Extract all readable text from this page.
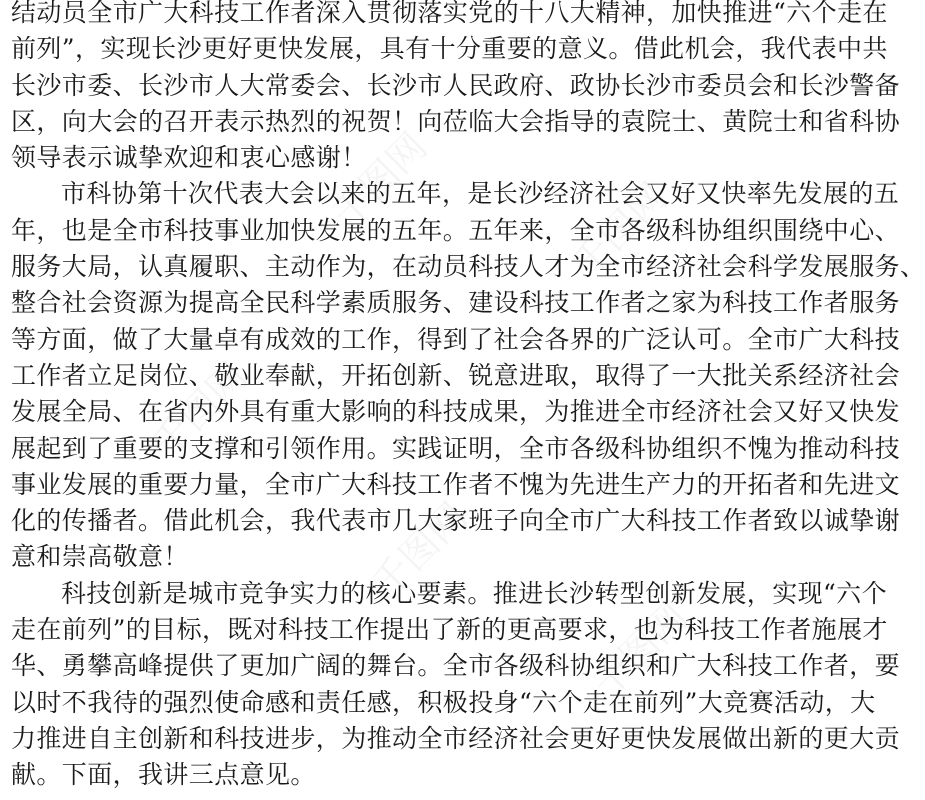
千图网	千图网
千图网
千图网
千图网
结动员全市广大科技工作者深入贯彻落实党的十八大精神，加快推进“六个走在
前列”，实现长沙更好更快发展，具有十分重要的意义。借此机会，我代表中共
长沙市委、长沙市人大常委会、长沙市人民政府、政协长沙市委员会和长沙警备
区，向大会的召开表示热烈的祝贺！向莅临大会指导的袁院士、黄院士和省科协
领导表示诚挚欢迎和衷心感谢！
市科协第十次代表大会以来的五年，是长沙经济社会又好又快率先发展的五
年，也是全市科技事业加快发展的五年。五年来，全市各级科协组织围绕中心、
服务大局，认真履职、主动作为，在动员科技人才为全市经济社会科学发展服务、
整合社会资源为提高全民科学素质服务、建设科技工作者之家为科技工作者服务
等方面，做了大量卓有成效的工作，得到了社会各界的广泛认可。全市广大科技
工作者立足岗位、敬业奉献，开拓创新、锐意进取，取得了一大批关系经济社会
发展全局、在省内外具有重大影响的科技成果，为推进全市经济社会又好又快发
展起到了重要的支撑和引领作用。实践证明，全市各级科协组织不愧为推动科技
事业发展的重要力量，全市广大科技工作者不愧为先进生产力的开拓者和先进文
化的传播者。借此机会，我代表市几大家班子向全市广大科技工作者致以诚挚谢
意和崇高敬意！
科技创新是城市竞争实力的核心要素。推进长沙转型创新发展，实现“六个
走在前列”的目标，既对科技工作提出了新的更高要求，也为科技工作者施展才
华、勇攀高峰提供了更加广阔的舞台。全市各级科协组织和广大科技工作者，要
以时不我待的强烈使命感和责任感，积极投身“六个走在前列”大竞赛活动，大
力推进自主创新和科技进步，为推动全市经济社会更好更快发展做出新的更大贡
献。下面，我讲三点意见。
